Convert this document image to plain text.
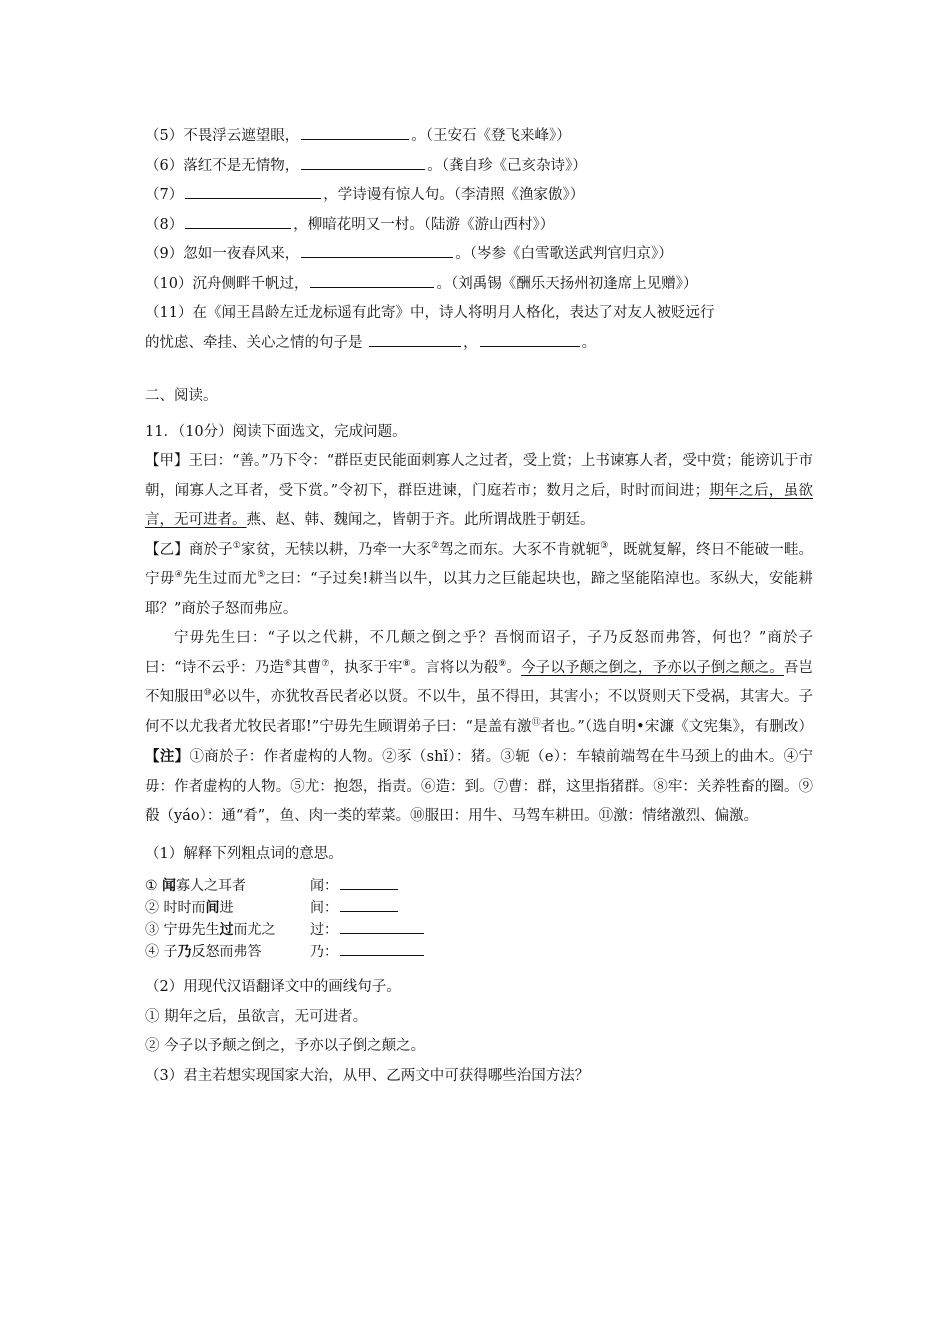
（5）不畏浮云遮望眼，	。（王安石《登飞来峰》）
（6）落红不是无情物，	。（龚自珍《己亥杂诗》）
（7）	，学诗谩有惊人句。（李清照《渔家傲》）
（8）	，柳暗花明又一村。（陆游《游山西村》）
（9）忽如一夜春风来，	。（岑参《白雪歌送武判官归京》）
（10）沉舟侧畔千帆过，	。（刘禹锡《酬乐天扬州初逢席上见赠》）
（11）在《闻王昌龄左迁龙标遥有此寄》中，诗人将明月人格化，表达了对友人被贬远行
的忧虑、牵挂、关心之情的句子是	，	。
二、阅读。
11．（10分）阅读下面选文，完成问题。
【甲】王曰：“善。”乃下令：“群臣吏民能面刺寡人之过者，受上赏；上书谏寡人者，受中赏；能谤讥于市朝，闻寡人之耳者，受下赏。”令初下，群臣进谏，门庭若市；数月之后，时时而间进；期年之后，虽欲言，无可进者。燕、赵、韩、魏闻之，皆朝于齐。此所谓战胜于朝廷。
【乙】商於子①家贫，无犊以耕，乃牵一大豕②驾之而东。大豕不肯就轭③，既就复解，终日不能破一畦。宁毋④先生过而尤⑤之曰：“子过矣!耕当以牛，以其力之巨能起块也，蹄之坚能陷淖也。豕纵大，安能耕耶？”商於子怒而弗应。
宁毋先生曰：“子以之代耕，不几颠之倒之乎？吾悯而诏子，子乃反怒而弗答，何也？”商於子曰：“诗不云乎：乃造⑥其曹⑦，执豕于牢⑧。言将以为殽⑨。今子以予颠之倒之，予亦以子倒之颠之。吾岂不知服田⑩必以牛，亦犹牧吾民者必以贤。不以牛，虽不得田，其害小；不以贤则天下受祸，其害大。子何不以尤我者尤牧民者耶!”宁毋先生顾谓弟子曰：“是盖有激⑪者也。”（选自明•宋濂《文宪集》，有删改）【注】①商於子：作者虚构的人物。②豕（shǐ）：猪。③轭（e）：车辕前端驾在牛马颈上的曲木。④宁毋：作者虚构的人物。⑤尤：抱怨，指责。⑥造：到。⑦曹：群，这里指猪群。⑧牢：关养牲畜的圈。⑨殽（yáo）：通“肴”，鱼、肉一类的荤菜。⑩服田：用牛、马驾车耕田。⑪激：情绪激烈、偏激。
（1）解释下列粗点词的意思。
① 闻寡人之耳者	闻：
② 时时而间进	间：
③ 宁毋先生过而尤之	过：
④ 子乃反怒而弗答	乃：
（2）用现代汉语翻译文中的画线句子。
① 期年之后，虽欲言，无可进者。
② 今子以予颠之倒之，予亦以子倒之颠之。
（3）君主若想实现国家大治，从甲、乙两文中可获得哪些治国方法？
